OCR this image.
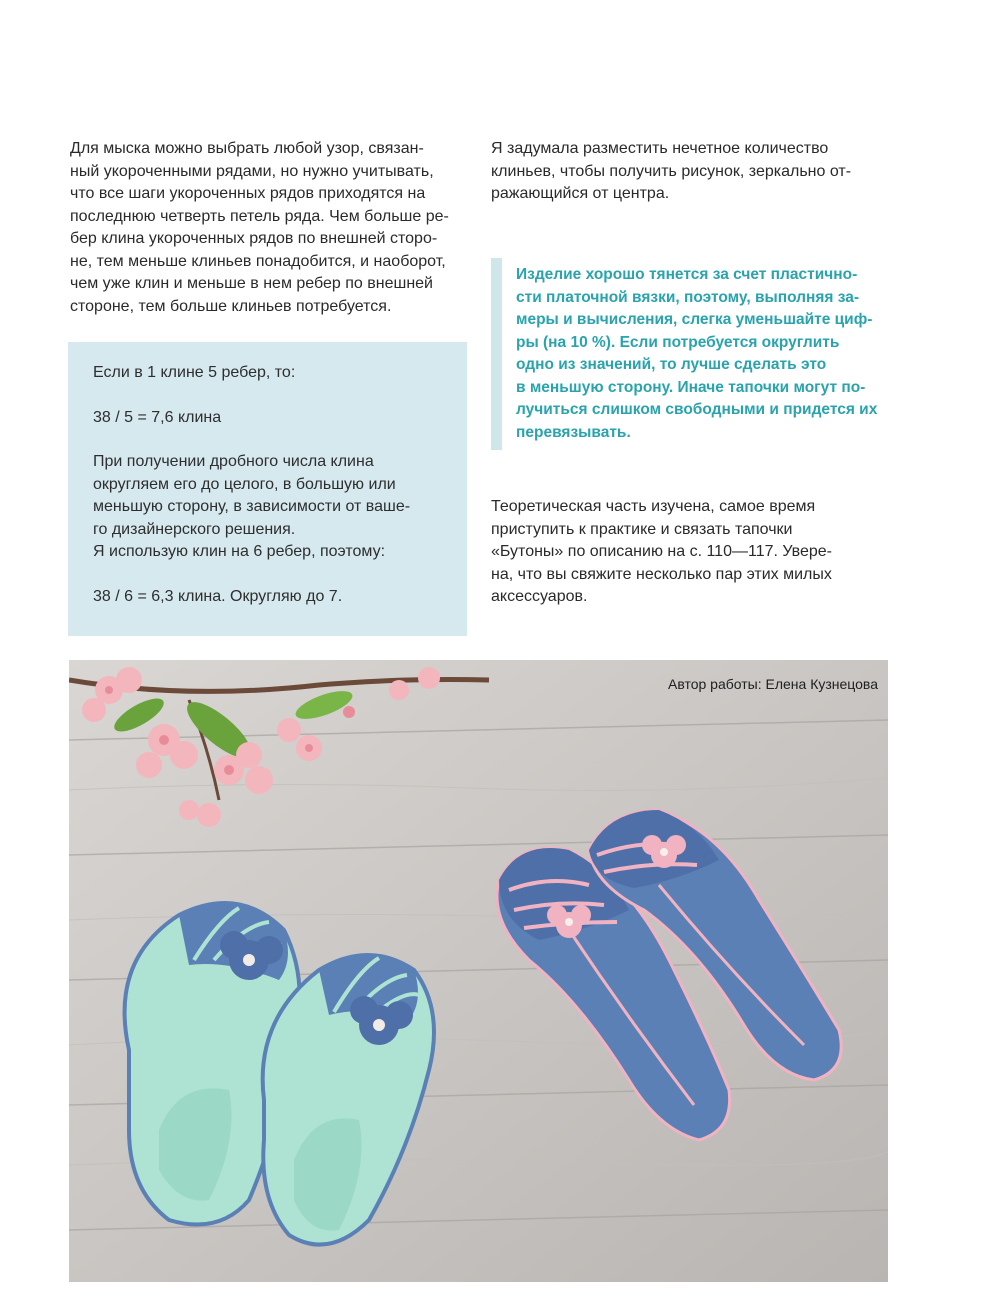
Для мыска можно выбрать любой узор, связан-

ный укороченными рядами, но нужно учитывать,

что все шаги укороченных рядов приходятся на

последнюю четверть петель ряда. Чем больше ре-

бер клина укороченных рядов по внешней сторо-

не, тем меньше клиньев понадобится, и наоборот,

чем уже клин и меньше в нем ребер по внешней

стороне, тем больше клиньев потребуется.

Если в 1 клине 5 ребер, то:

38 / 5 = 7,6 клина

При получении дробного числа клина

округляем его до целого, в большую или

меньшую сторону, в зависимости от ваше-

го дизайнерского решения.

Я использую клин на 6 ребер, поэтому:

38 / 6 = 6,3 клина. Округляю до 7.

Я задумала разместить нечетное количество

клиньев, чтобы получить рисунок, зеркально от-

ражающийся от центра.

Изделие хорошо тянется за счет пластично-
сти платочной вязки, поэтому, выполняя за-
меры и вычисления, слегка уменьшайте циф-
ры (на 10 %). Если потребуется округлить
одно из значений, то лучше сделать это
в меньшую сторону. Иначе тапочки могут по-
лучиться слишком свободными и придется их
перевязывать.

Теоретическая часть изучена, самое время

приступить к практике и связать тапочки

«Бутоны» по описанию на с. 110—117. Увере-

на, что вы свяжите несколько пар этих милых

аксессуаров.

Автор работы: Елена Кузнецова
